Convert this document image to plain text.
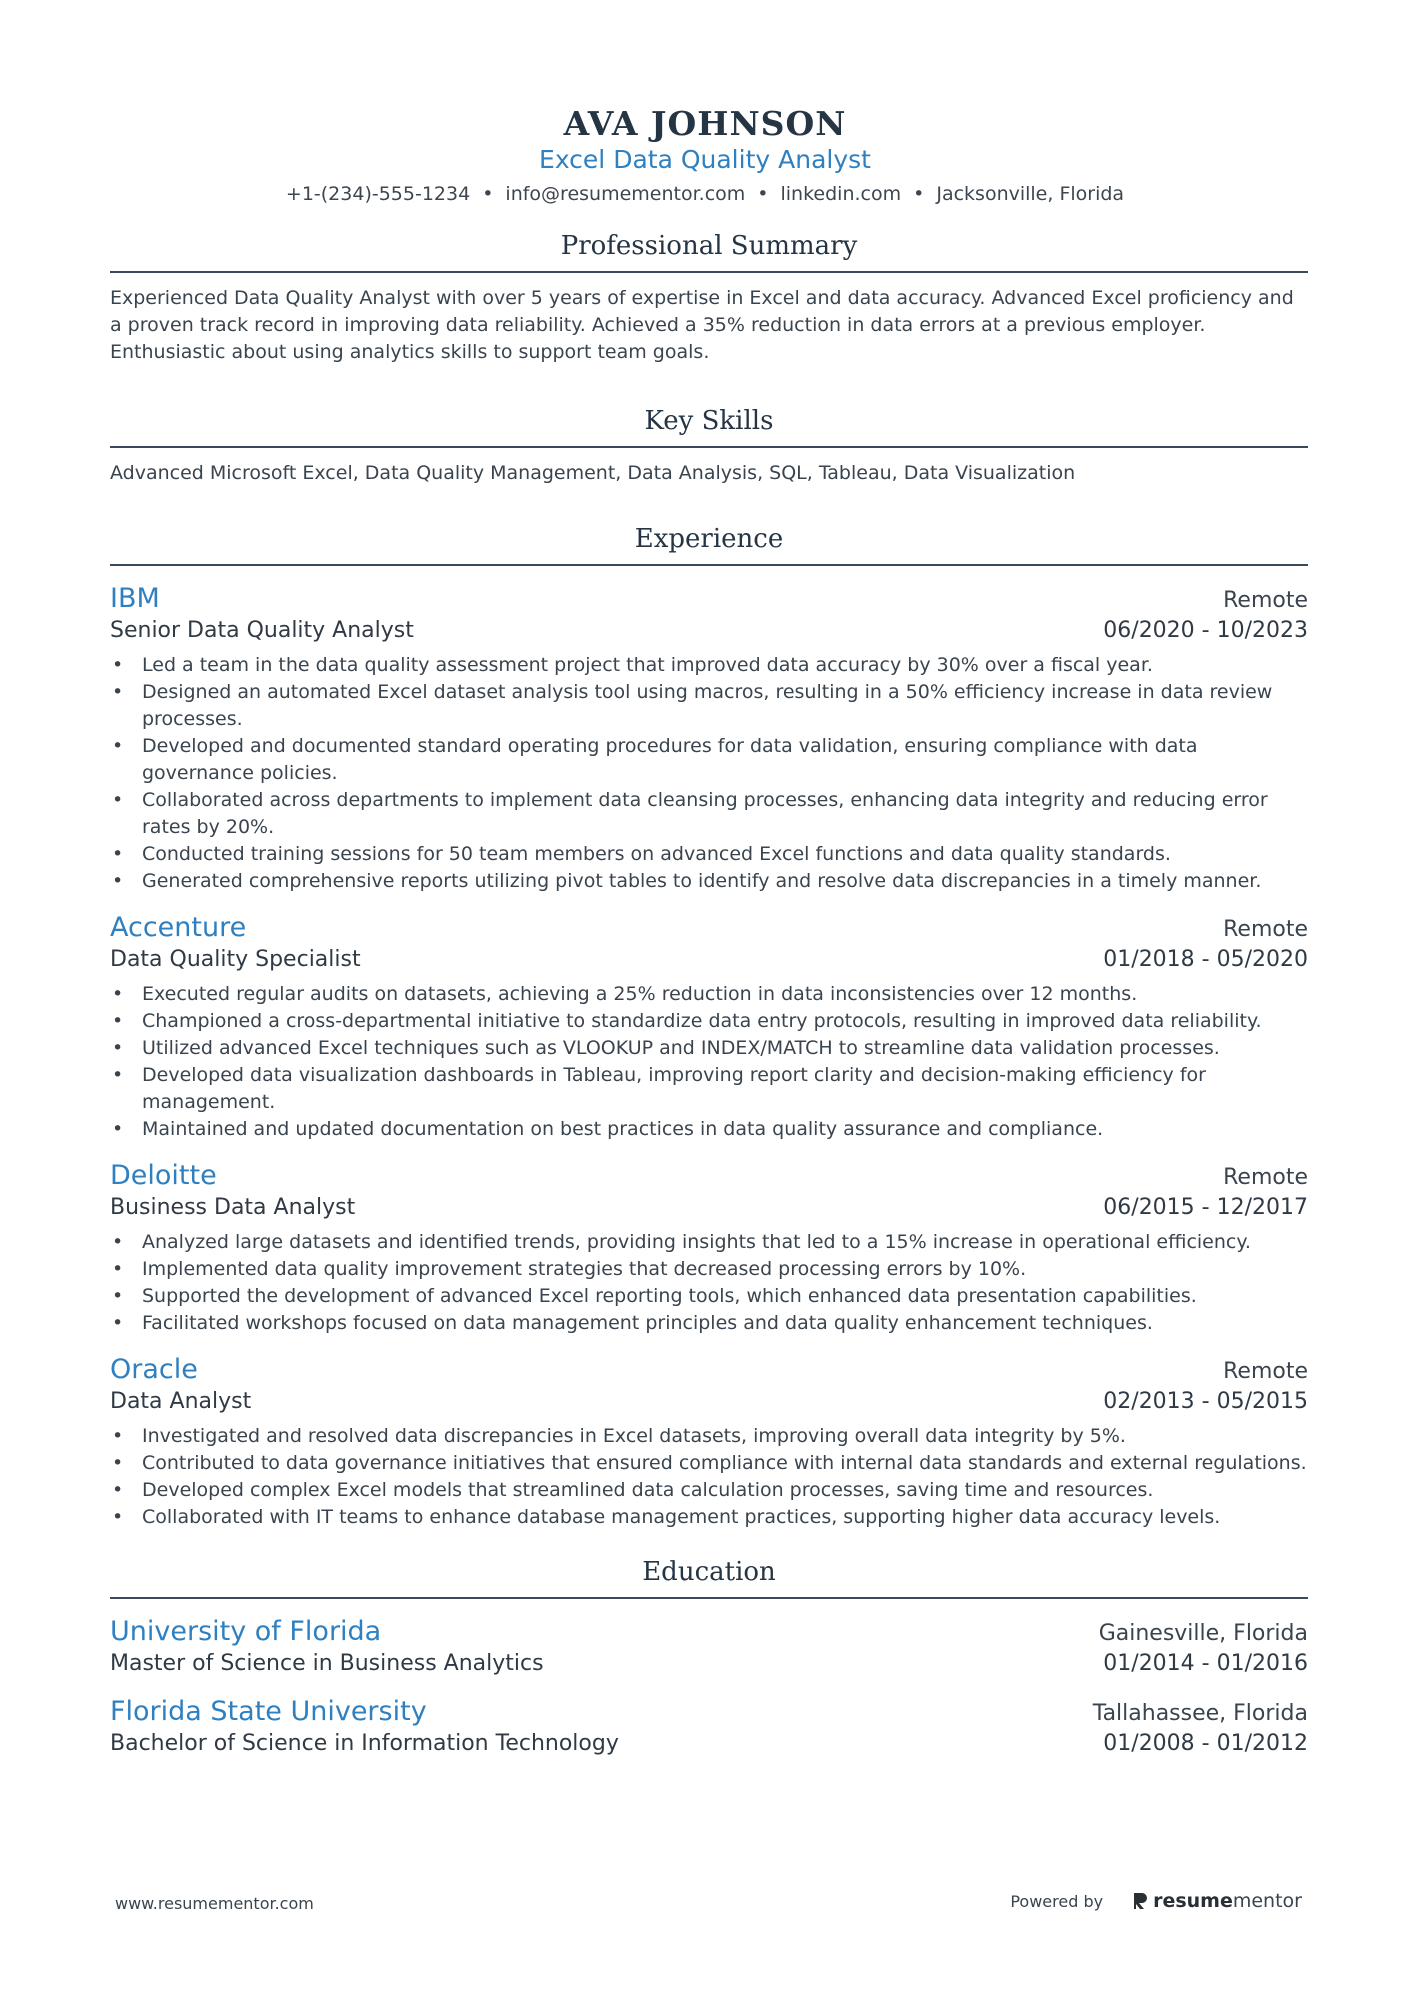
AVA JOHNSON
Excel Data Quality Analyst
+1-(234)-555-1234 • info@resumementor.com • linkedin.com • Jacksonville, Florida
Professional Summary
Experienced Data Quality Analyst with over 5 years of expertise in Excel and data accuracy. Advanced Excel proficiency and a proven track record in improving data reliability. Achieved a 35% reduction in data errors at a previous employer. Enthusiastic about using analytics skills to support team goals.
Key Skills
Advanced Microsoft Excel, Data Quality Management, Data Analysis, SQL, Tableau, Data Visualization
Experience
IBM	Remote
Senior Data Quality Analyst	06/2020 - 10/2023
• Led a team in the data quality assessment project that improved data accuracy by 30% over a fiscal year.
• Designed an automated Excel dataset analysis tool using macros, resulting in a 50% efficiency increase in data review processes.
• Developed and documented standard operating procedures for data validation, ensuring compliance with data governance policies.
• Collaborated across departments to implement data cleansing processes, enhancing data integrity and reducing error rates by 20%.
• Conducted training sessions for 50 team members on advanced Excel functions and data quality standards.
• Generated comprehensive reports utilizing pivot tables to identify and resolve data discrepancies in a timely manner.
Accenture	Remote
Data Quality Specialist	01/2018 - 05/2020
• Executed regular audits on datasets, achieving a 25% reduction in data inconsistencies over 12 months.
• Championed a cross-departmental initiative to standardize data entry protocols, resulting in improved data reliability.
• Utilized advanced Excel techniques such as VLOOKUP and INDEX/MATCH to streamline data validation processes.
• Developed data visualization dashboards in Tableau, improving report clarity and decision-making efficiency for management.
• Maintained and updated documentation on best practices in data quality assurance and compliance.
Deloitte	Remote
Business Data Analyst	06/2015 - 12/2017
• Analyzed large datasets and identified trends, providing insights that led to a 15% increase in operational efficiency.
• Implemented data quality improvement strategies that decreased processing errors by 10%.
• Supported the development of advanced Excel reporting tools, which enhanced data presentation capabilities.
• Facilitated workshops focused on data management principles and data quality enhancement techniques.
Oracle	Remote
Data Analyst	02/2013 - 05/2015
• Investigated and resolved data discrepancies in Excel datasets, improving overall data integrity by 5%.
• Contributed to data governance initiatives that ensured compliance with internal data standards and external regulations.
• Developed complex Excel models that streamlined data calculation processes, saving time and resources.
• Collaborated with IT teams to enhance database management practices, supporting higher data accuracy levels.
Education
University of Florida	Gainesville, Florida
Master of Science in Business Analytics	01/2014 - 01/2016
Florida State University	Tallahassee, Florida
Bachelor of Science in Information Technology	01/2008 - 01/2012
www.resumementor.com	Powered by	resume mentor
